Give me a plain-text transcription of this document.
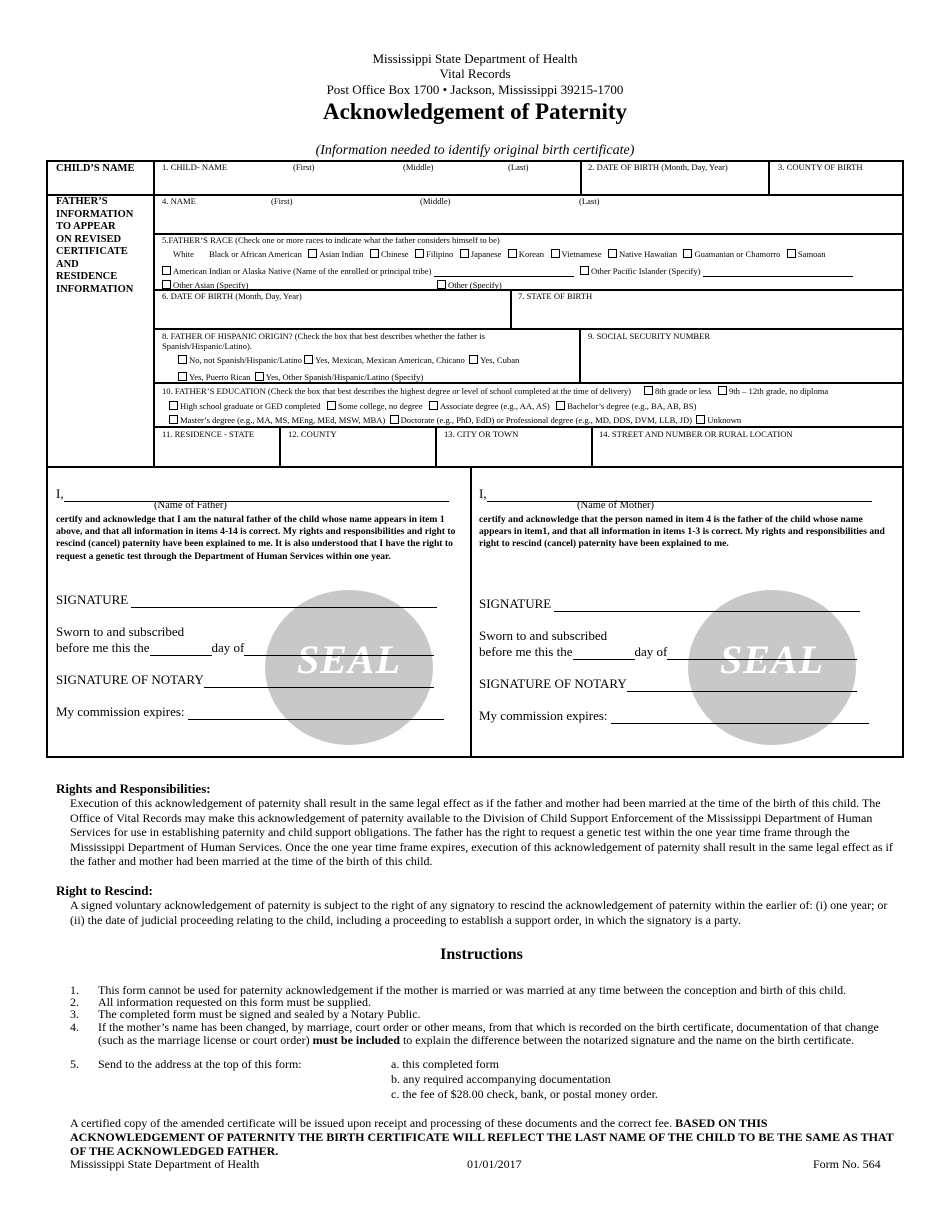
Mississippi State Department of Health
Vital Records
Post Office Box 1700 • Jackson, Mississippi 39215-1700
Acknowledgement of Paternity
(Information needed to identify original birth certificate)
CHILD’S NAME
FATHER’S
INFORMATION
TO APPEAR
ON REVISED
CERTIFICATE
AND
RESIDENCE
INFORMATION
1. CHILD- NAME	(First)	(Middle)	(Last)	2. DATE OF BIRTH (Month, Day, Year)	3. COUNTY OF BIRTH
4. NAME	(First)	(Middle)	(Last)
5.FATHER’S RACE (Check one or more races to indicate what the father considers himself to be)
White Black or African American Asian Indian Chinese Filipino Japanese Korean Vietnamese Native Hawaiian Guamanian or Chamorro Samoan
American Indian or Alaska Native (Name of the enrolled or principal tribe)	Other Pacific Islander (Specify)
Other Asian (Specify)	Other (Specify)
6. DATE OF BIRTH (Month, Day, Year)	7. STATE OF BIRTH
8. FATHER OF HISPANIC ORIGIN? (Check the box that best describes whether the father is
Spanish/Hispanic/Latino).
No, not Spanish/Hispanic/Latino Yes, Mexican, Mexican American, Chicano Yes, Cuban
Yes, Puerto Rican Yes, Other Spanish/Hispanic/Latino (Specify)
9. SOCIAL SECURITY NUMBER
10. FATHER’S EDUCATION (Check the box that best describes the highest degree or level of school completed at the time of delivery)	8th grade or less 9th – 12th grade, no diploma
High school graduate or GED completed Some college, no degree Associate degree (e.g., AA, AS) Bachelor’s degree (e.g., BA, AB, BS)
Master’s degree (e.g., MA, MS, MEng, MEd, MSW, MBA) Doctorate (e.g., PhD, EdD) or Professional degree (e.g., MD, DDS, DVM, LLB, JD) Unknown
11. RESIDENCE - STATE	12. COUNTY	13. CITY OR TOWN	14. STREET AND NUMBER OR RURAL LOCATION
SEAL
I,
(Name of Father)
certify and acknowledge that I am the natural father of the child whose name appears in item 1 above, and that all information in items 4-14 is correct. My rights and responsibilities and right to rescind (cancel) paternity have been explained to me. It is also understood that I have the right to request a genetic test through the Department of Human Services within one year.
SIGNATURE
Sworn to and subscribed
before me this the	day of
SIGNATURE OF NOTARY
My commission expires:
SEAL
I,
(Name of Mother)
certify and acknowledge that the person named in item 4 is the father of the child whose name appears in item1, and that all information in items 1-3 is correct. My rights and responsibilities and right to rescind (cancel) paternity have been explained to me.
SIGNATURE
Sworn to and subscribed
before me this the	day of
SIGNATURE OF NOTARY
My commission expires:
Rights and Responsibilities:
Execution of this acknowledgement of paternity shall result in the same legal effect as if the father and mother had been married at the time of the birth of this child. The Office of Vital Records may make this acknowledgement of paternity available to the Division of Child Support Enforcement of the Mississippi Department of Human Services for use in establishing paternity and child support obligations. The father has the right to request a genetic test within the one year time frame through the Mississippi Department of Human Services. Once the one year time frame expires, execution of this acknowledgement of paternity shall result in the same legal effect as if the father and mother had been married at the time of the birth of this child.
Right to Rescind:
A signed voluntary acknowledgement of paternity is subject to the right of any signatory to rescind the acknowledgement of paternity within the earlier of: (i) one year; or (ii) the date of judicial proceeding relating to the child, including a proceeding to establish a support order, in which the signatory is a party.
Instructions
1. This form cannot be used for paternity acknowledgement if the mother is married or was married at any time between the conception and birth of this child.
2. All information requested on this form must be supplied.
3. The completed form must be signed and sealed by a Notary Public.
4. If the mother’s name has been changed, by marriage, court order or other means, from that which is recorded on the birth certificate, documentation of that change (such as the marriage license or court order) must be included to explain the difference between the notarized signature and the name on the birth certificate.
5. Send to the address at the top of this form:	a. this completed form
b. any required accompanying documentation
c. the fee of $28.00 check, bank, or postal money order.
A certified copy of the amended certificate will be issued upon receipt and processing of these documents and the correct fee. BASED ON THIS ACKNOWLEDGEMENT OF PATERNITY THE BIRTH CERTIFICATE WILL REFLECT THE LAST NAME OF THE CHILD TO BE THE SAME AS THAT OF THE ACKNOWLEDGED FATHER.
Mississippi State Department of Health	01/01/2017	Form No. 564
